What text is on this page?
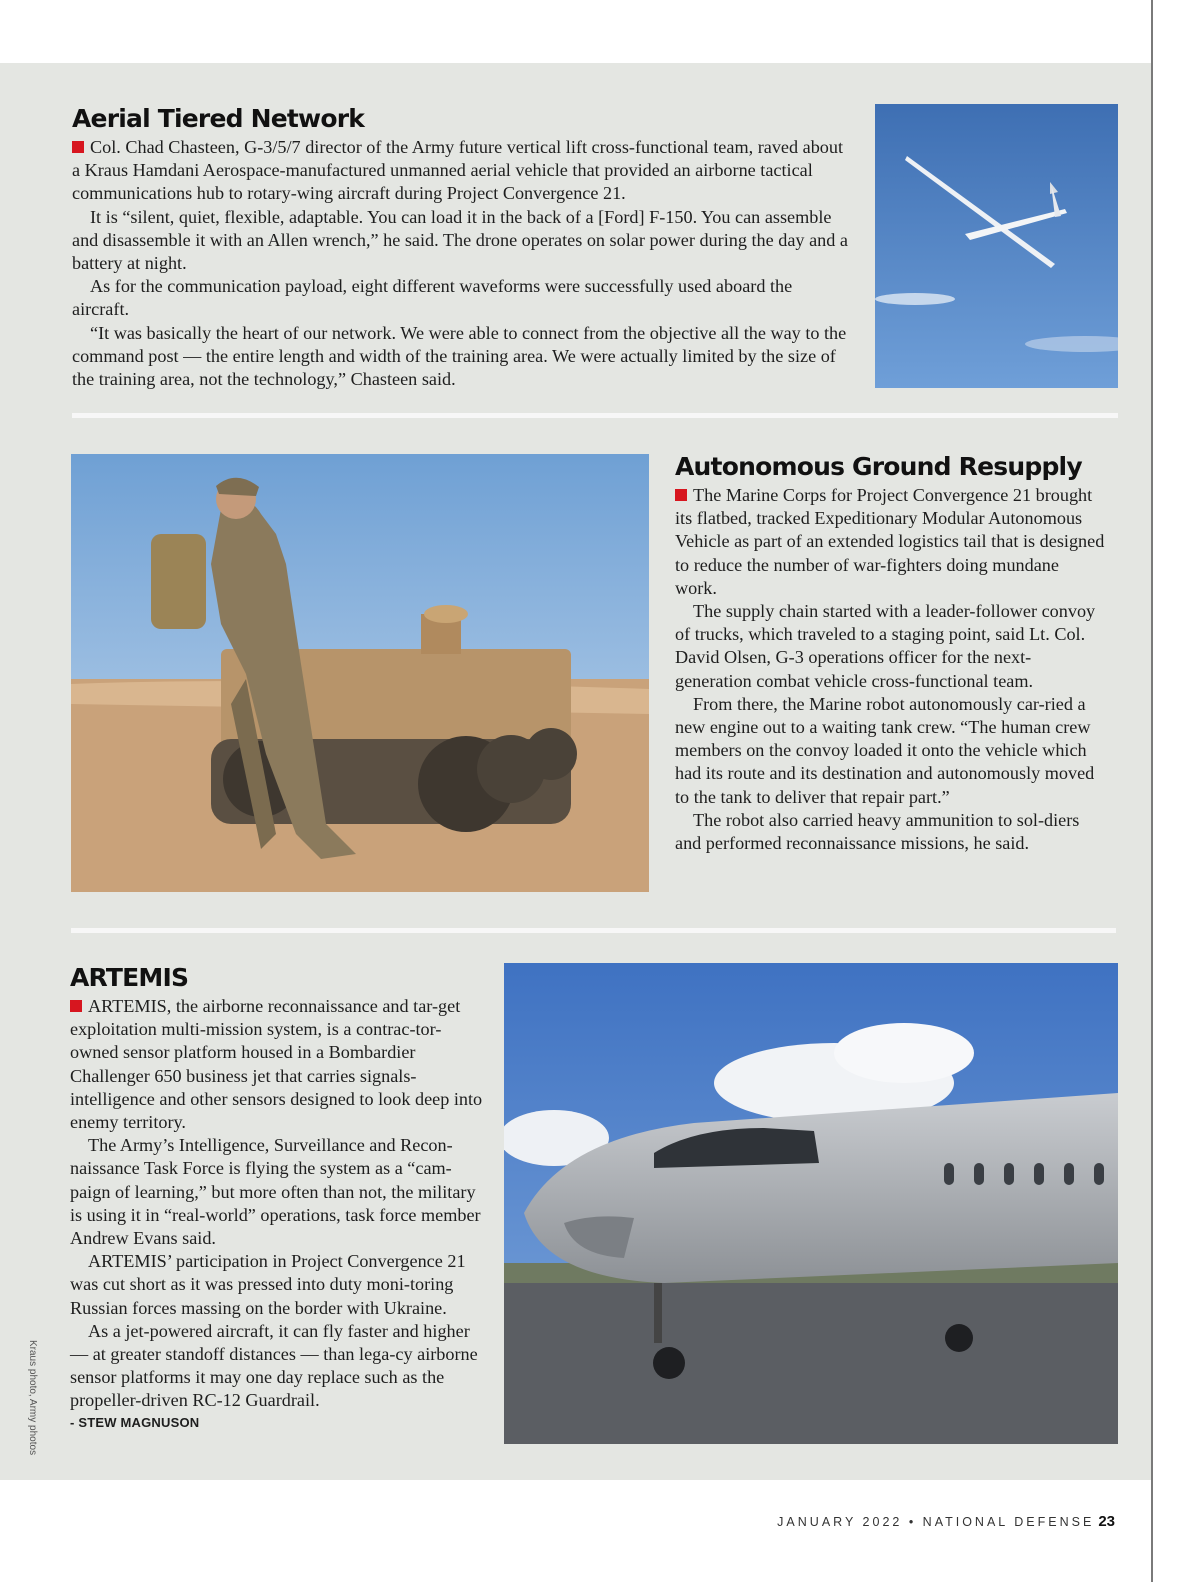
Aerial Tiered Network

Col. Chad Chasteen, G-3/5/7 director of the Army future vertical lift cross-functional team, raved about a Kraus Hamdani Aerospace-manufactured unmanned aerial vehicle that provided an airborne tactical communications hub to rotary-wing aircraft during Project Convergence 21.

It is “silent, quiet, flexible, adaptable. You can load it in the back of a [Ford] F-150. You can assemble and disassemble it with an Allen wrench,” he said. The drone operates on solar power during the day and a battery at night.

As for the communication payload, eight different waveforms were successfully used aboard the aircraft.

“It was basically the heart of our network. We were able to connect from the objective all the way to the command post — the entire length and width of the training area. We were actually limited by the size of the training area, not the technology,” Chasteen said.

Autonomous Ground Resupply

The Marine Corps for Project Convergence 21 brought its flatbed, tracked Expeditionary Modular Autonomous Vehicle as part of an extended logistics tail that is designed to reduce the number of war-fighters doing mundane work.

The supply chain started with a leader-follower convoy of trucks, which traveled to a staging point, said Lt. Col. David Olsen, G-3 operations officer for the next-generation combat vehicle cross-functional team.

From there, the Marine robot autonomously car-ried a new engine out to a waiting tank crew. “The human crew members on the convoy loaded it onto the vehicle which had its route and its destination and autonomously moved to the tank to deliver that repair part.”

The robot also carried heavy ammunition to sol-diers and performed reconnaissance missions, he said.

ARTEMIS

ARTEMIS, the airborne reconnaissance and tar-get exploitation multi-mission system, is a contrac-tor-owned sensor platform housed in a Bombardier Challenger 650 business jet that carries signals-intelligence and other sensors designed to look deep into enemy territory.

The Army’s Intelligence, Surveillance and Recon-naissance Task Force is flying the system as a “cam-paign of learning,” but more often than not, the military is using it in “real-world” operations, task force member Andrew Evans said.

ARTEMIS’ participation in Project Convergence 21 was cut short as it was pressed into duty moni-toring Russian forces massing on the border with Ukraine.

As a jet-powered aircraft, it can fly faster and higher — at greater standoff distances — than lega-cy airborne sensor platforms it may one day replace such as the propeller-driven RC-12 Guardrail.

- STEW MAGNUSON
Kraus photo, Army photos
JANUARY 2022 • NATIONAL DEFENSE 23
